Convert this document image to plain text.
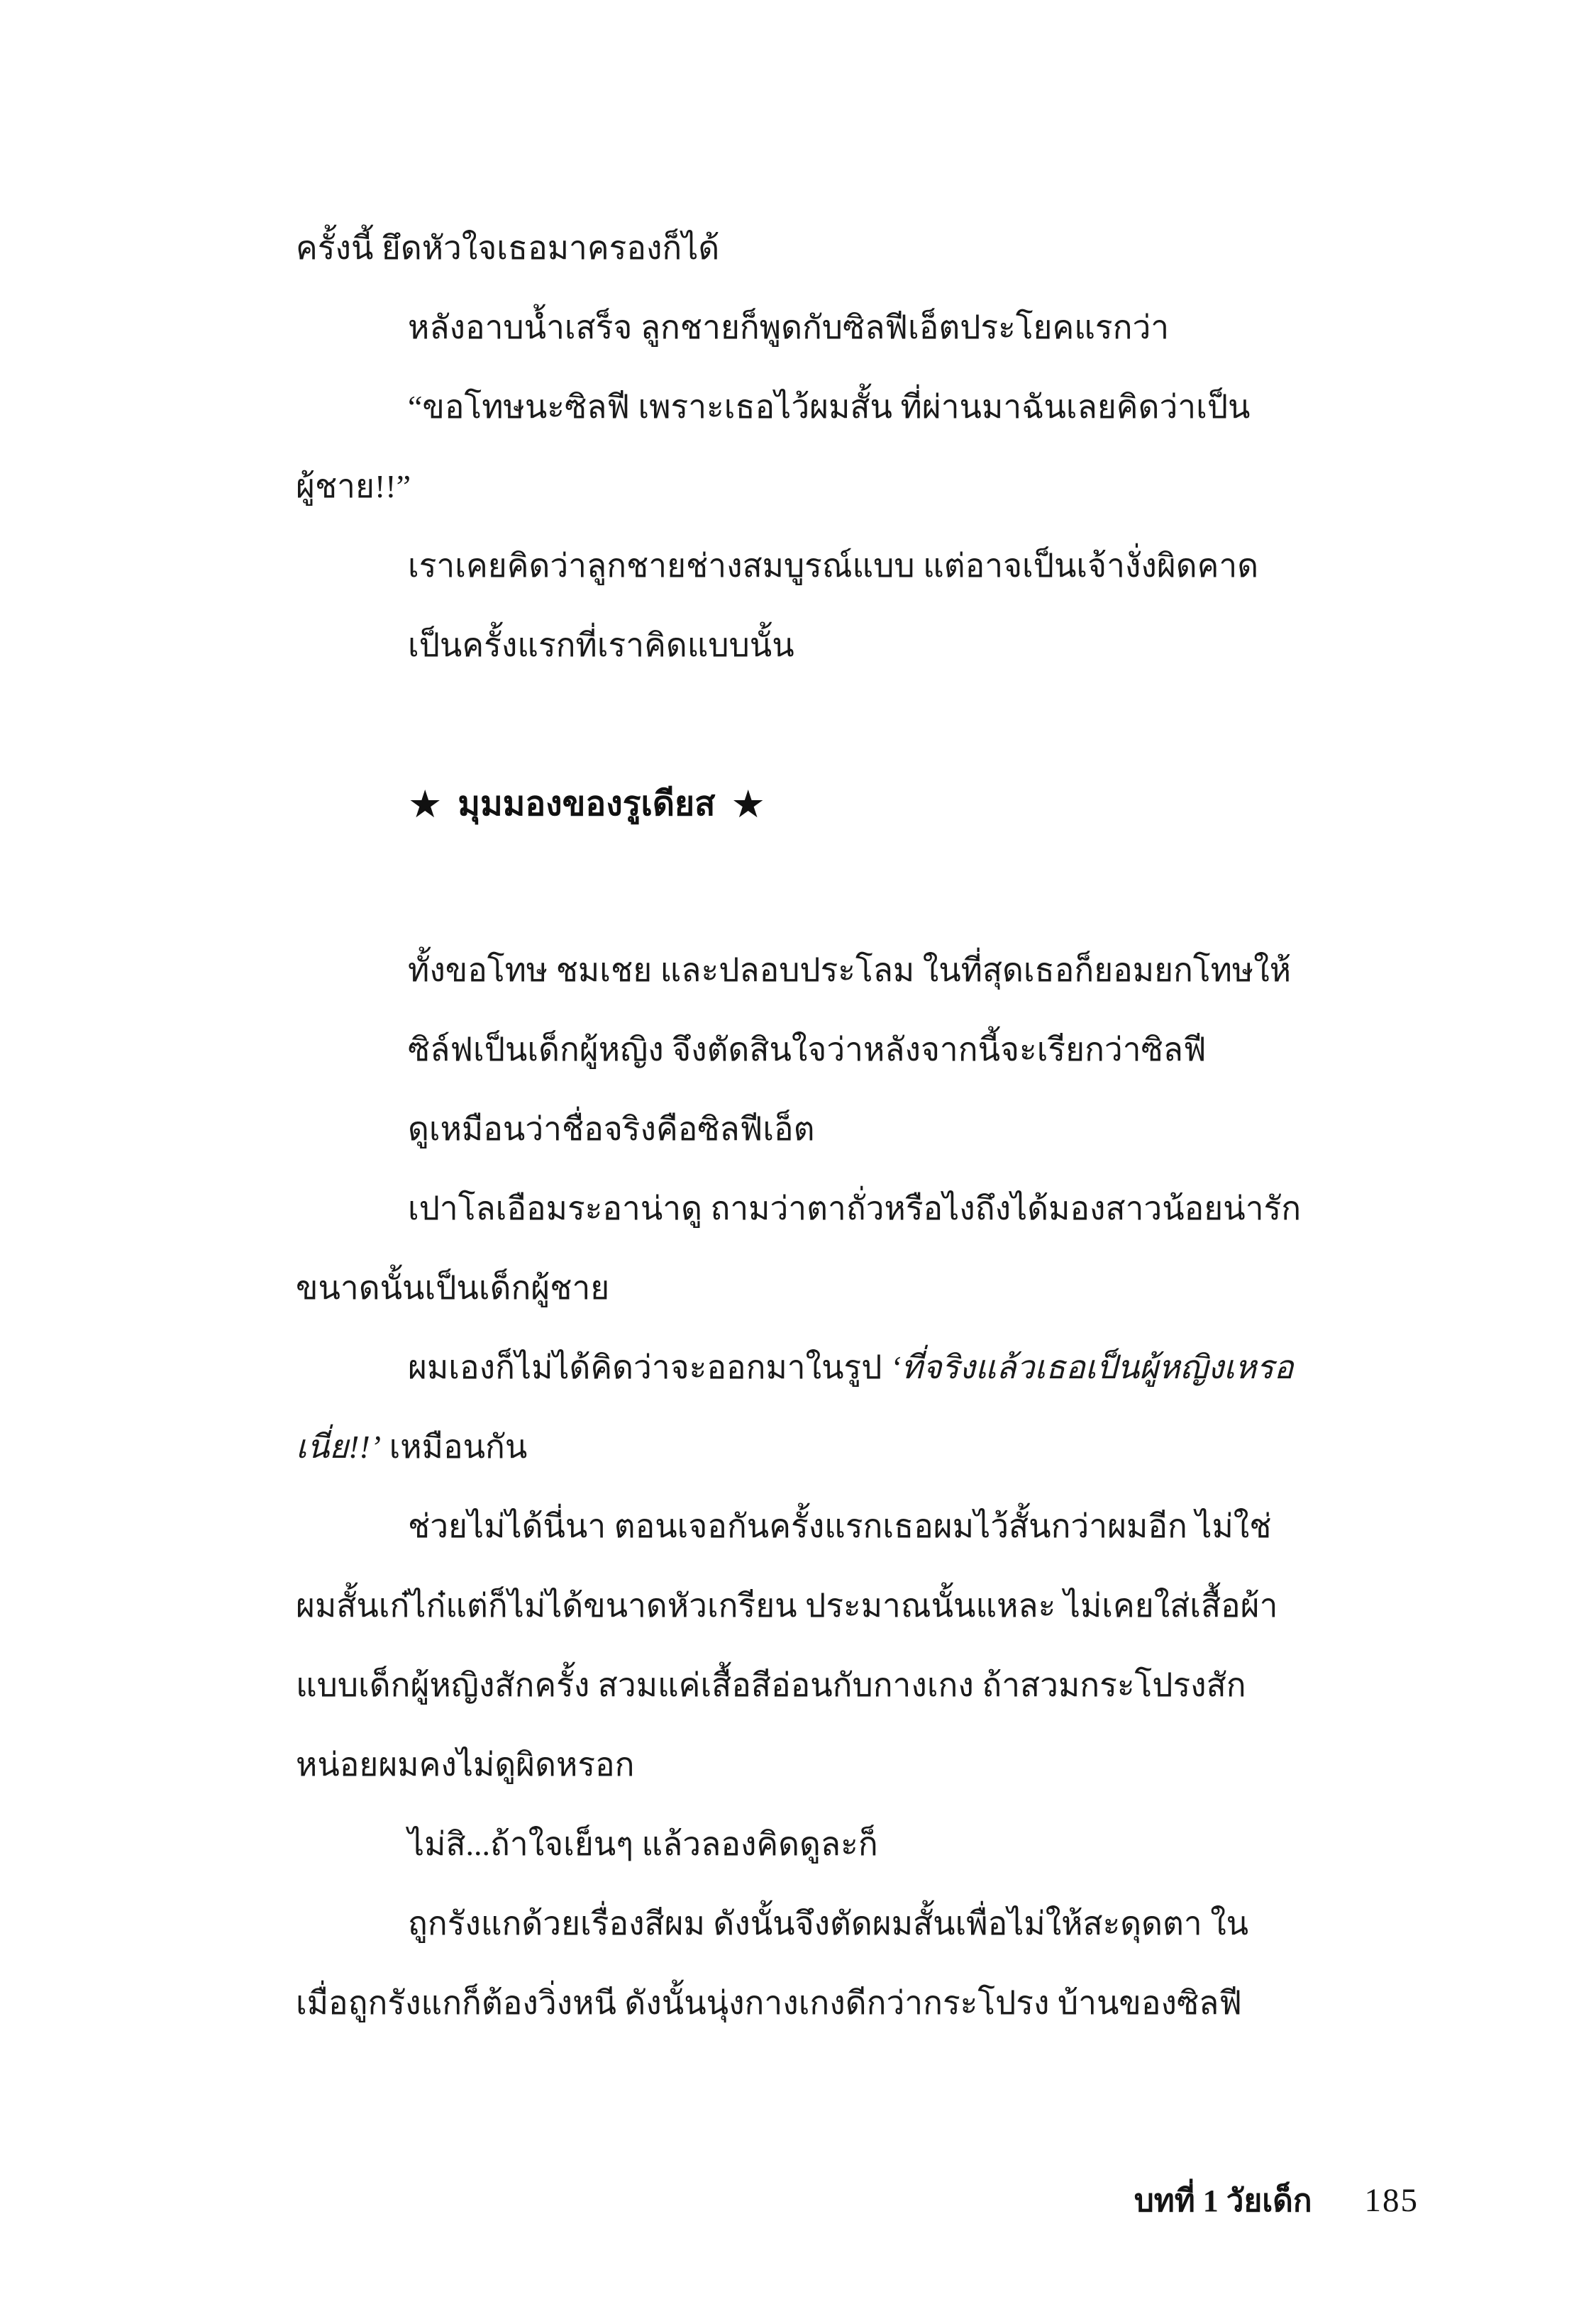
ครั้งนี้ ยึดหัวใจเธอมาครองก็ได้
หลังอาบน้ำเสร็จ ลูกชายก็พูดกับซิลฟีเอ็ตประโยคแรกว่า
“ขอโทษนะซิลฟี เพราะเธอไว้ผมสั้น ที่ผ่านมาฉันเลยคิดว่าเป็น
ผู้ชาย!!”
เราเคยคิดว่าลูกชายช่างสมบูรณ์แบบ แต่อาจเป็นเจ้างั่งผิดคาด
เป็นครั้งแรกที่เราคิดแบบนั้น
★ มุมมองของรูเดียส ★
ทั้งขอโทษ ชมเชย และปลอบประโลม ในที่สุดเธอก็ยอมยกโทษให้
ซิล์ฟเป็นเด็กผู้หญิง จึงตัดสินใจว่าหลังจากนี้จะเรียกว่าซิลฟี
ดูเหมือนว่าชื่อจริงคือซิลฟีเอ็ต
เปาโลเอือมระอาน่าดู ถามว่าตาถั่วหรือไงถึงได้มองสาวน้อยน่ารัก
ขนาดนั้นเป็นเด็กผู้ชาย
ผมเองก็ไม่ได้คิดว่าจะออกมาในรูป ‘ที่จริงแล้วเธอเป็นผู้หญิงเหรอ
เนี่ย!!’ เหมือนกัน
ช่วยไม่ได้นี่นา ตอนเจอกันครั้งแรกเธอผมไว้สั้นกว่าผมอีก ไม่ใช่
ผมสั้นเก๋ไก๋แต่ก็ไม่ได้ขนาดหัวเกรียน ประมาณนั้นแหละ ไม่เคยใส่เสื้อผ้า
แบบเด็กผู้หญิงสักครั้ง สวมแค่เสื้อสีอ่อนกับกางเกง ถ้าสวมกระโปรงสัก
หน่อยผมคงไม่ดูผิดหรอก
ไม่สิ...ถ้าใจเย็นๆ แล้วลองคิดดูละก็
ถูกรังแกด้วยเรื่องสีผม ดังนั้นจึงตัดผมสั้นเพื่อไม่ให้สะดุดตา ใน
เมื่อถูกรังแกก็ต้องวิ่งหนี ดังนั้นนุ่งกางเกงดีกว่ากระโปรง บ้านของซิลฟี
บทที่ 1 วัยเด็ก 185
